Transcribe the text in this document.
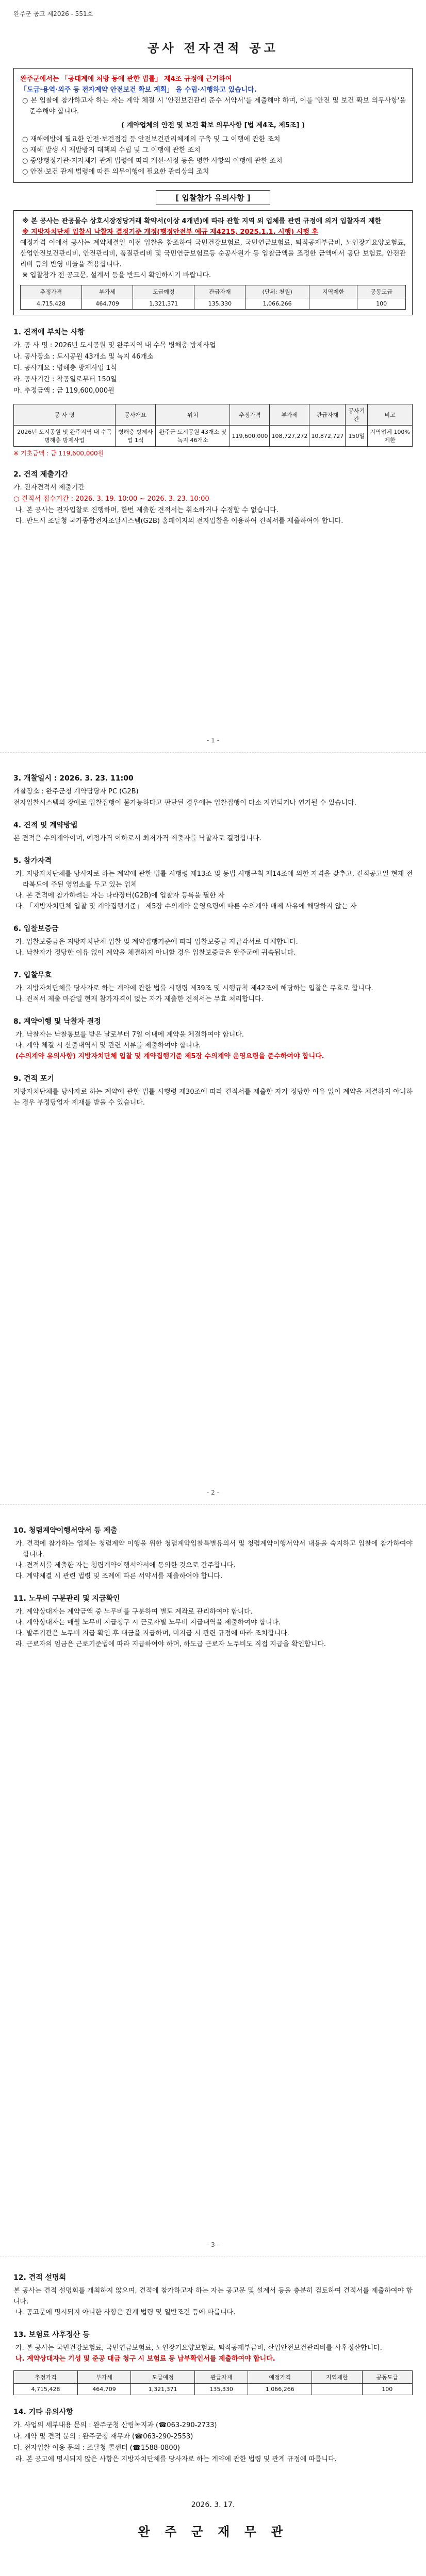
완주군 공고 제2026 - 551호
공사 전자견적 공고

완주군에서는 「공대계에 처방 등에 관한 법률」 제4조 규정에 근거하여

「도급·용역·외주 등 전자계약 안전보건 확보 계획」 을 수립·시행하고 있습니다.

○ 본 입찰에 참가하고자 하는 자는 계약 체결 시 '안전보건관리 준수 서약서'를 제출해야 하며, 이를 '안전 및 보건 확보 의무사항'을 준수해야 합니다.

( 계약업체의 안전 및 보건 확보 의무사항 [법 제4조, 제5조] )

○ 재해예방에 필요한 안전·보건점검 등 안전보건관리체계의 구축 및 그 이행에 관한 조치

○ 재해 발생 시 재발방지 대책의 수립 및 그 이행에 관한 조치

○ 중앙행정기관·지자체가 관계 법령에 따라 개선·시정 등을 명한 사항의 이행에 관한 조치

○ 안전·보건 관계 법령에 따른 의무이행에 필요한 관리상의 조치

[ 입찰참가 유의사항 ]

※ 본 공사는 관공물수 상호시장정당거래 확약서(이상 4개년)에 따라 관할 지역 외 업체를 관련 규정에 의거 입찰자격 제한

※ 지방자치단체 입찰시 낙찰자 결정기준 개정(행정안전부 예규 제4215, 2025.1.1. 시행) 시행 후

예정가격 이에서 공사는 계약체결일 이전 입찰을 참조하여 국민건강보험료, 국민연금보험료, 퇴직공제부금비, 노인장기요양보험료, 산업안전보건관리비, 안전관리비, 품질관리비 및 국민연금보험료등 순공사원가 등 입찰금액을 조정한 금액에서 공단 보험료, 안전관리비 등의 반영 비율을 적용합니다.

※ 입찰참가 전 공고문, 설계서 등을 반드시 확인하시기 바랍니다.

추정가격	부가세	도급예정	관급자재	(단위: 천원)	지역제한	공동도급
4,715,428	464,709	1,321,371	135,330	1,066,266		100
1. 견적에 부치는 사항
가. 공 사 명 : 2026년 도시공원 및 완주지역 내 수목 병해충 방제사업
나. 공사장소 : 도시공원 43개소 및 녹지 46개소
다. 공사개요 : 병해충 방제사업 1식
라. 공사기간 : 착공일로부터 150일
마. 추정금액 : 금 119,600,000원
공 사 명	공사개요	위치	추정가격	부가세	관급자재	공사기간	비고
2026년 도시공원 및 완주지역 내 수목 병해충 방제사업	병해충 방제사업 1식	완주군 도시공원 43개소 및 녹지 46개소	119,600,000	108,727,272	10,872,727	150일	지역업체 100% 제한
※ 기초금액 : 금 119,600,000원
2. 견적 제출기간
가. 전자견적서 제출기간
○ 견적서 접수기간 : 2026. 3. 19. 10:00 ~ 2026. 3. 23. 10:00

나. 본 공사는 전자입찰로 진행하며, 한번 제출한 견적서는 취소하거나 수정할 수 없습니다.

다. 반드시 조달청 국가종합전자조달시스템(G2B) 홈페이지의 전자입찰을 이용하여 견적서를 제출하여야 합니다.

- 1 -
3. 개찰일시 : 2026. 3. 23. 11:00
개찰장소 : 완주군청 계약담당자 PC (G2B)

전자입찰시스템의 장애로 입찰집행이 불가능하다고 판단된 경우에는 입찰집행이 다소 지연되거나 연기될 수 있습니다.

4. 견적 및 계약방법

본 견적은 수의계약이며, 예정가격 이하로서 최저가격 제출자를 낙찰자로 결정합니다.

5. 참가자격

가. 지방자치단체를 당사자로 하는 계약에 관한 법률 시행령 제13조 및 동법 시행규칙 제14조에 의한 자격을 갖추고, 견적공고일 현재 전라북도에 주된 영업소를 두고 있는 업체

나. 본 견적에 참가하려는 자는 나라장터(G2B)에 입찰자 등록을 필한 자

다. 「지방자치단체 입찰 및 계약집행기준」 제5장 수의계약 운영요령에 따른 수의계약 배제 사유에 해당하지 않는 자

6. 입찰보증금

가. 입찰보증금은 지방자치단체 입찰 및 계약집행기준에 따라 입찰보증금 지급각서로 대체합니다.

나. 낙찰자가 정당한 이유 없이 계약을 체결하지 아니할 경우 입찰보증금은 완주군에 귀속됩니다.

7. 입찰무효

가. 지방자치단체를 당사자로 하는 계약에 관한 법률 시행령 제39조 및 시행규칙 제42조에 해당하는 입찰은 무효로 합니다.

나. 견적서 제출 마감일 현재 참가자격이 없는 자가 제출한 견적서는 무효 처리합니다.

8. 계약이행 및 낙찰자 결정

가. 낙찰자는 낙찰통보를 받은 날로부터 7일 이내에 계약을 체결하여야 합니다.

나. 계약 체결 시 산출내역서 및 관련 서류를 제출하여야 합니다.

(수의계약 유의사항) 지방자치단체 입찰 및 계약집행기준 제5장 수의계약 운영요령을 준수하여야 합니다.

9. 견적 포기

지방자치단체를 당사자로 하는 계약에 관한 법률 시행령 제30조에 따라 견적서를 제출한 자가 정당한 이유 없이 계약을 체결하지 아니하는 경우 부정당업자 제재를 받을 수 있습니다.

- 2 -
10. 청렴계약이행서약서 등 제출

가. 견적에 참가하는 업체는 청렴계약 이행을 위한 청렴계약입찰특별유의서 및 청렴계약이행서약서 내용을 숙지하고 입찰에 참가하여야 합니다.

나. 견적서를 제출한 자는 청렴계약이행서약서에 동의한 것으로 간주합니다.

다. 계약체결 시 관련 법령 및 조례에 따른 서약서를 제출하여야 합니다.

11. 노무비 구분관리 및 지급확인

가. 계약상대자는 계약금액 중 노무비를 구분하여 별도 계좌로 관리하여야 합니다.

나. 계약상대자는 매월 노무비 지급청구 시 근로자별 노무비 지급내역을 제출하여야 합니다.

다. 발주기관은 노무비 지급 확인 후 대금을 지급하며, 미지급 시 관련 규정에 따라 조치합니다.

라. 근로자의 임금은 근로기준법에 따라 지급하여야 하며, 하도급 근로자 노무비도 직접 지급을 확인합니다.

- 3 -
12. 견적 설명회

본 공사는 견적 설명회를 개최하지 않으며, 견적에 참가하고자 하는 자는 공고문 및 설계서 등을 충분히 검토하여 견적서를 제출하여야 합니다.

나. 공고문에 명시되지 아니한 사항은 관계 법령 및 일반조건 등에 따릅니다.

13. 보험료 사후정산 등

가. 본 공사는 국민건강보험료, 국민연금보험료, 노인장기요양보험료, 퇴직공제부금비, 산업안전보건관리비를 사후정산합니다.

나. 계약상대자는 기성 및 준공 대금 청구 시 보험료 등 납부확인서를 제출하여야 합니다.

추정가격	부가세	도급예정	관급자재	예정가격	지역제한	공동도급
4,715,428	464,709	1,321,371	135,330	1,066,266		100
14. 기타 유의사항
가. 사업의 세부내용 문의 : 완주군청 산림녹지과 (☎063-290-2733)
나. 계약 및 견적 문의 : 완주군청 재무과 (☎063-290-2553)
다. 전자입찰 이용 문의 : 조달청 콜센터 (☎1588-0800)

라. 본 공고에 명시되지 않은 사항은 지방자치단체를 당사자로 하는 계약에 관한 법령 및 관계 규정에 따릅니다.

2026. 3. 17.
완 주 군 재 무 관
